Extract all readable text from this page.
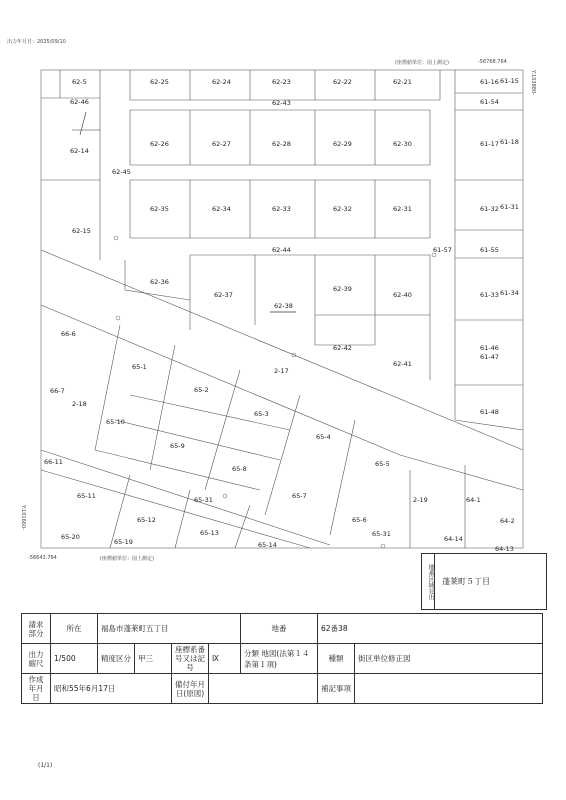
出力年月日：2025/09/10
(座標値単位：図上測定)	-56768.764
-56643.764	(座標値単位：図上測定)
Y:103880-
Y:101660-
62-5
62-46
62-14
62-15
62-25	62-24	62-23	62-22	62-21
62-43
62-26	62-27	62-28	62-29	62-30
62-45
62-35	62-34	62-33	62-32	62-31
62-44
62-36
62-37
62-38
62-39
62-40
62-42
62-41
2-17
66-6
66-7
2-18
65-1
65-2
65-3
65-4
65-5
65-10
65-9
65-8
65-7
65-6
65-11	65-31
65-12
65-13
65-14
65-20
65-19
2-19	64-1
64-2
64-14
64-13
65-31
61-16 61-15
61-54
61-17 61-18
61-32 61-31
61-57	61-55
61-33 61-34
61-46
61-47
61-48
66-11
地番区域見出 蓬莱町５丁目
請求部分	所在	福島市蓬莱町五丁目				地番	62番38	
出力縮尺	1/500	精度区分	甲三	座標系番号又は記号	Ⅸ	分類 地図(法第１４条第１項)	種類	街区単位修正図
作成年月日	昭和55年6月17日			備付年月日(原図)			補記事項	
(1/1)
